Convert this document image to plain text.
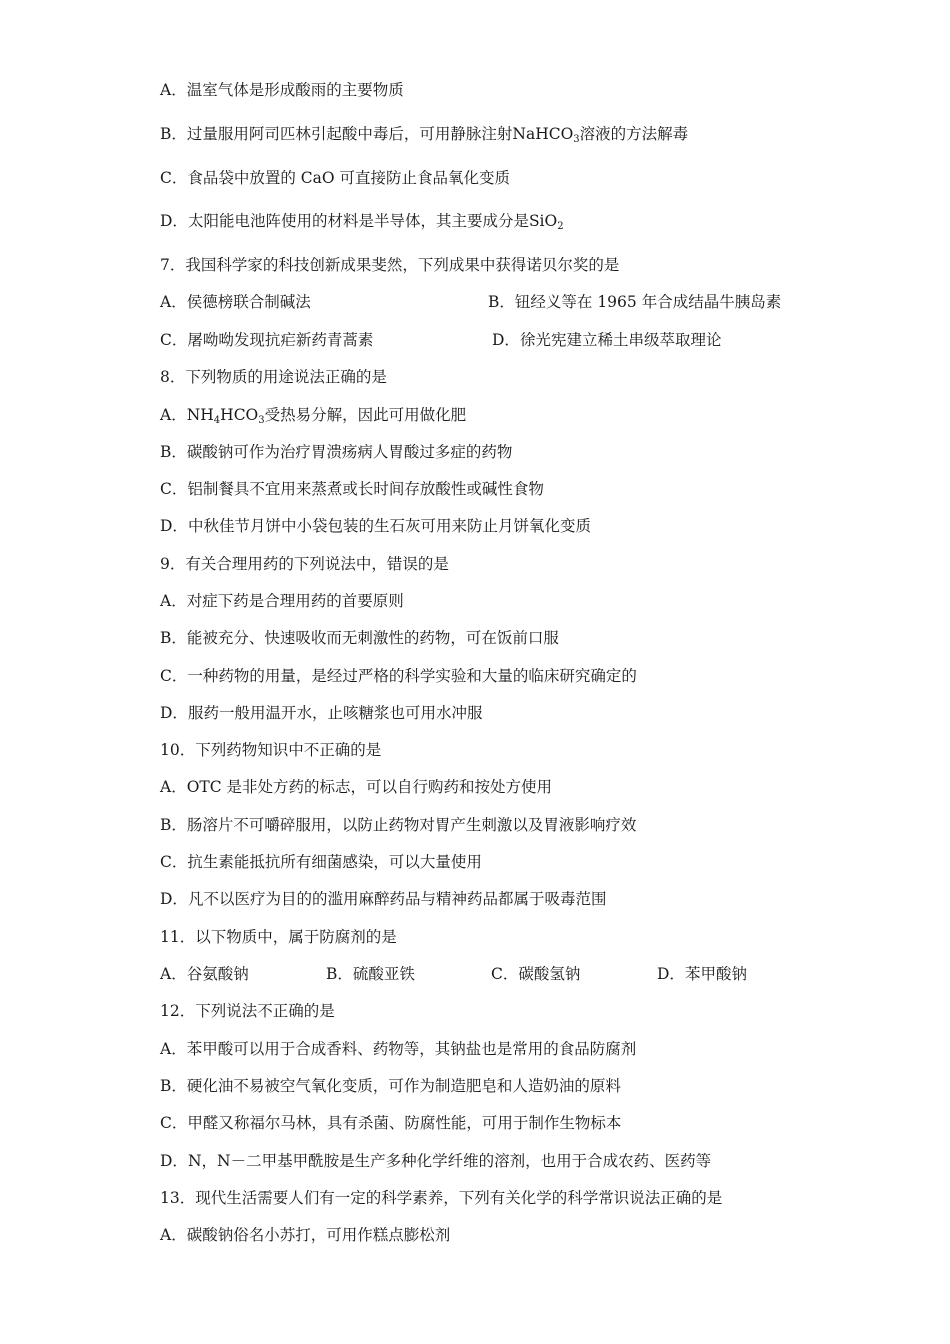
A．温室气体是形成酸雨的主要物质
B．过量服用阿司匹林引起酸中毒后，可用静脉注射NaHCO$_3$溶液的方法解毒
C．食品袋中放置的 CaO 可直接防止食品氧化变质
D．太阳能电池阵使用的材料是半导体，其主要成分是SiO$_2$
7．我国科学家的科技创新成果斐然，下列成果中获得诺贝尔奖的是
A．侯德榜联合制碱法	B．钮经义等在 1965 年合成结晶牛胰岛素
C．屠呦呦发现抗疟新药青蒿素	D．徐光宪建立稀土串级萃取理论
8．下列物质的用途说法正确的是
A．$NH_4HCO_3$受热易分解，因此可用做化肥
B．碳酸钠可作为治疗胃溃疡病人胃酸过多症的药物
C．铝制餐具不宜用来蒸煮或长时间存放酸性或碱性食物
D．中秋佳节月饼中小袋包装的生石灰可用来防止月饼氧化变质
9．有关合理用药的下列说法中，错误的是
A．对症下药是合理用药的首要原则
B．能被充分、快速吸收而无刺激性的药物，可在饭前口服
C．一种药物的用量，是经过严格的科学实验和大量的临床研究确定的
D．服药一般用温开水，止咳糖浆也可用水冲服
10．下列药物知识中不正确的是
A．OTC 是非处方药的标志，可以自行购药和按处方使用
B．肠溶片不可嚼碎服用，以防止药物对胃产生刺激以及胃液影响疗效
C．抗生素能抵抗所有细菌感染，可以大量使用
D．凡不以医疗为目的的滥用麻醉药品与精神药品都属于吸毒范围
11．以下物质中，属于防腐剂的是
A．谷氨酸钠	B．硫酸亚铁	C．碳酸氢钠	D．苯甲酸钠
12．下列说法不正确的是
A．苯甲酸可以用于合成香料、药物等，其钠盐也是常用的食品防腐剂
B．硬化油不易被空气氧化变质，可作为制造肥皂和人造奶油的原料
C．甲醛又称福尔马林，具有杀菌、防腐性能，可用于制作生物标本
D．N，N－二甲基甲酰胺是生产多种化学纤维的溶剂，也用于合成农药、医药等
13．现代生活需要人们有一定的科学素养，下列有关化学的科学常识说法正确的是
A．碳酸钠俗名小苏打，可用作糕点膨松剂
